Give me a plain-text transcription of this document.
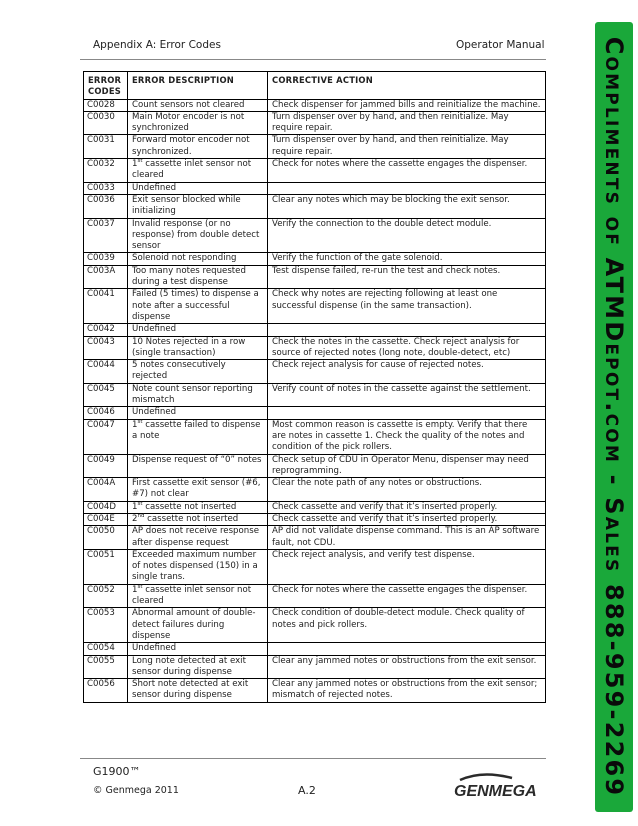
Appendix A: Error Codes	Operator Manual
ERROR CODES	ERROR DESCRIPTION	CORRECTIVE ACTION
C0028	Count sensors not cleared	Check dispenser for jammed bills and reinitialize the machine.
C0030	Main Motor encoder is not synchronized	Turn dispenser over by hand, and then reinitialize. May require repair.
C0031	Forward motor encoder not synchronized.	Turn dispenser over by hand, and then reinitialize. May require repair.
C0032	1st cassette inlet sensor not cleared	Check for notes where the cassette engages the dispenser.
C0033	Undefined	
C0036	Exit sensor blocked while initializing	Clear any notes which may be blocking the exit sensor.
C0037	Invalid response (or no response) from double detect sensor	Verify the connection to the double detect module.
C0039	Solenoid not responding	Verify the function of the gate solenoid.
C003A	Too many notes requested during a test dispense	Test dispense failed, re-run the test and check notes.
C0041	Failed (5 times) to dispense a note after a successful dispense	Check why notes are rejecting following at least one successful dispense (in the same transaction).
C0042	Undefined	
C0043	10 Notes rejected in a row (single transaction)	Check the notes in the cassette. Check reject analysis for source of rejected notes (long note, double-detect, etc)
C0044	5 notes consecutively rejected	Check reject analysis for cause of rejected notes.
C0045	Note count sensor reporting mismatch	Verify count of notes in the cassette against the settlement.
C0046	Undefined	
C0047	1st cassette failed to dispense a note	Most common reason is cassette is empty. Verify that there are notes in cassette 1. Check the quality of the notes and condition of the pick rollers.
C0049	Dispense request of “0” notes	Check setup of CDU in Operator Menu, dispenser may need reprogramming.
C004A	First cassette exit sensor (#6, #7) not clear	Clear the note path of any notes or obstructions.
C004D	1st cassette not inserted	Check cassette and verify that it’s inserted properly.
C004E	2nd cassette not inserted	Check cassette and verify that it’s inserted properly.
C0050	AP does not receive response after dispense request	AP did not validate dispense command. This is an AP software fault, not CDU.
C0051	Exceeded maximum number of notes dispensed (150) in a single trans.	Check reject analysis, and verify test dispense.
C0052	1st cassette inlet sensor not cleared	Check for notes where the cassette engages the dispenser.
C0053	Abnormal amount of double-detect failures during dispense	Check condition of double-detect module. Check quality of notes and pick rollers.
C0054	Undefined	
C0055	Long note detected at exit sensor during dispense	Clear any jammed notes or obstructions from the exit sensor.
C0056	Short note detected at exit sensor during dispense	Clear any jammed notes or obstructions from the exit sensor; mismatch of rejected notes.
G1900™
© Genmega 2011	A.2	GENMEGA	Compliments of ATMDepot.com - Sales 888-959-2269
